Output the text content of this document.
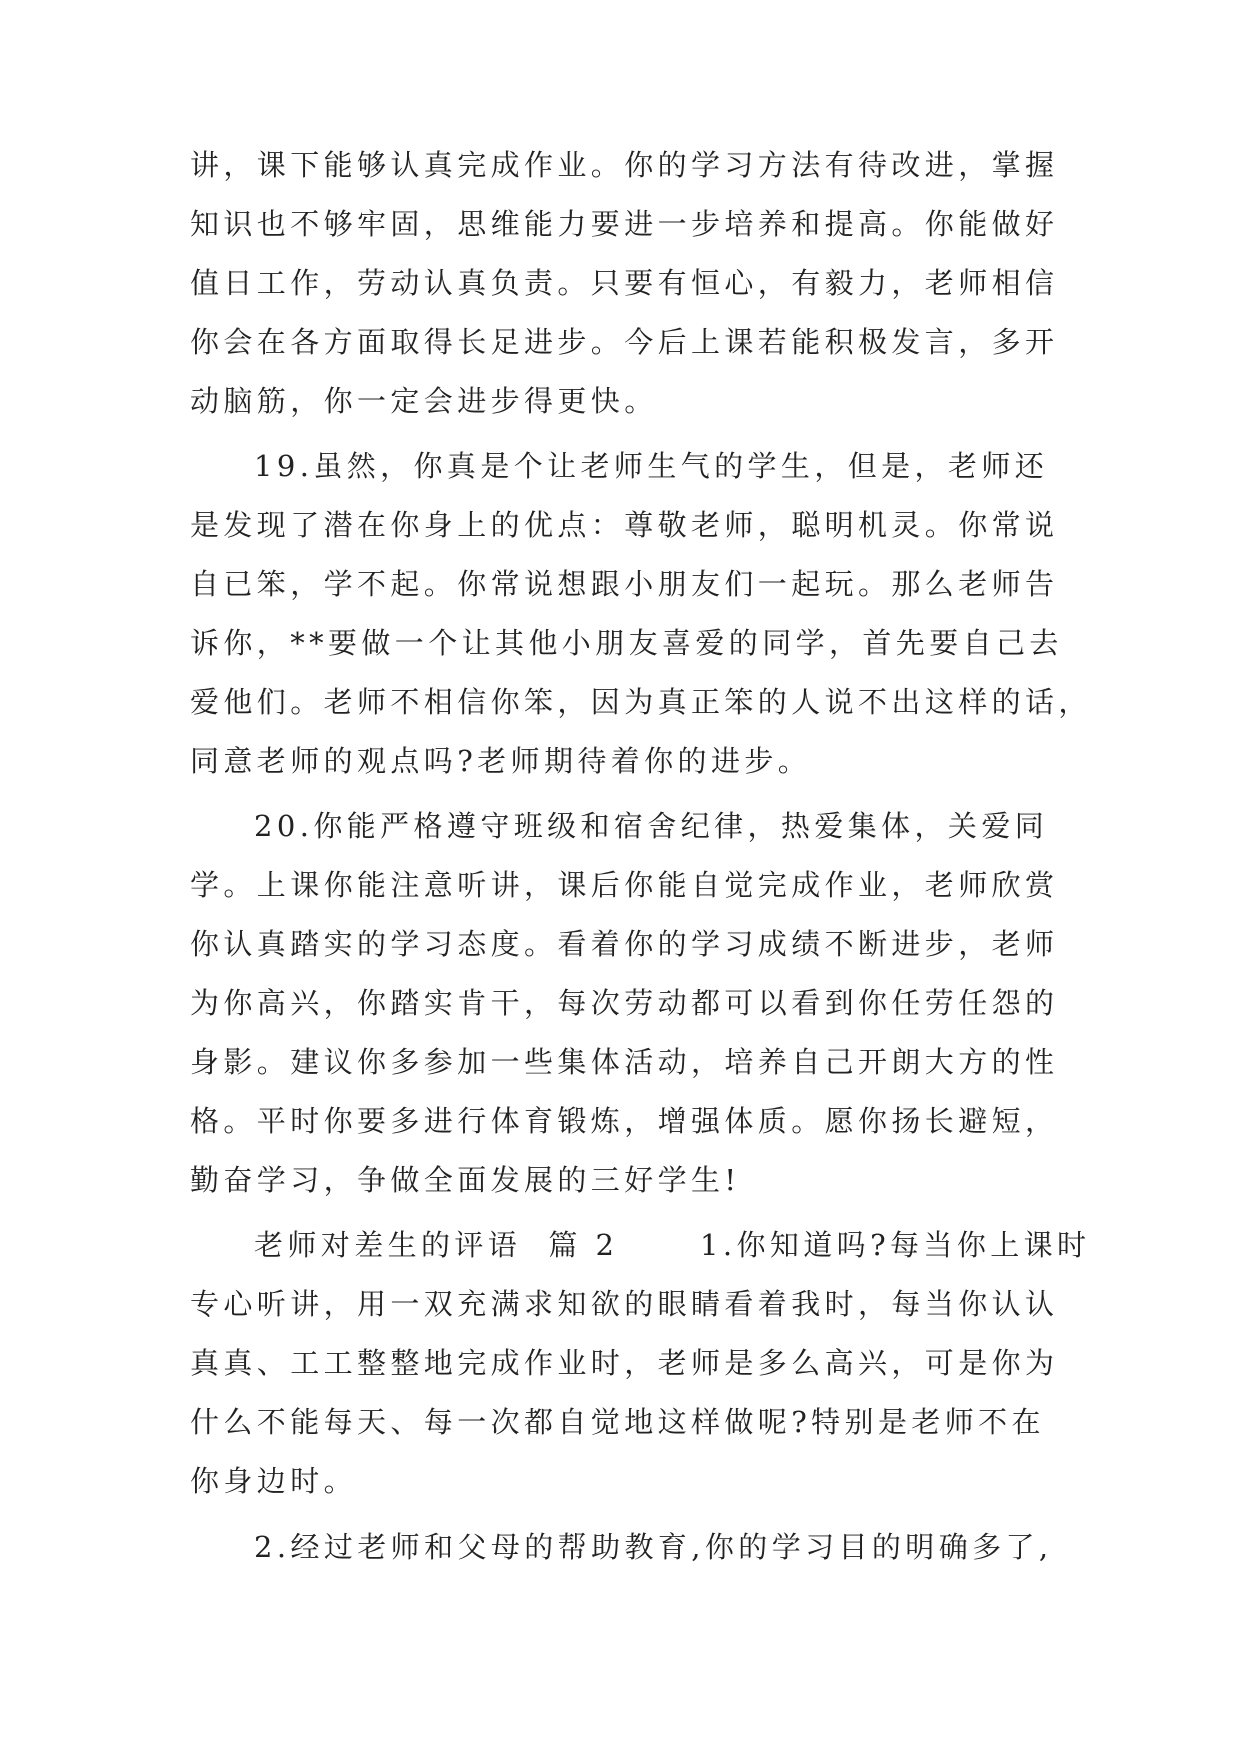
讲，课下能够认真完成作业。你的学习方法有待改进，掌握
知识也不够牢固，思维能力要进一步培养和提高。你能做好
值日工作，劳动认真负责。只要有恒心，有毅力，老师相信
你会在各方面取得长足进步。今后上课若能积极发言，多开
动脑筋，你一定会进步得更快。
19.虽然，你真是个让老师生气的学生，但是，老师还
是发现了潜在你身上的优点：尊敬老师，聪明机灵。你常说
自已笨，学不起。你常说想跟小朋友们一起玩。那么老师告
诉你，**要做一个让其他小朋友喜爱的同学，首先要自己去
爱他们。老师不相信你笨，因为真正笨的人说不出这样的话，
同意老师的观点吗?老师期待着你的进步。
20.你能严格遵守班级和宿舍纪律，热爱集体，关爱同
学。上课你能注意听讲，课后你能自觉完成作业，老师欣赏
你认真踏实的学习态度。看着你的学习成绩不断进步，老师
为你高兴，你踏实肯干，每次劳动都可以看到你任劳任怨的
身影。建议你多参加一些集体活动，培养自己开朗大方的性
格。平时你要多进行体育锻炼，增强体质。愿你扬长避短，
勤奋学习，争做全面发展的三好学生!
老师对差生的评语  篇 2      1.你知道吗?每当你上课时
专心听讲，用一双充满求知欲的眼睛看着我时，每当你认认
真真、工工整整地完成作业时，老师是多么高兴，可是你为
什么不能每天、每一次都自觉地这样做呢?特别是老师不在
你身边时。
2.经过老师和父母的帮助教育,你的学习目的明确多了,
